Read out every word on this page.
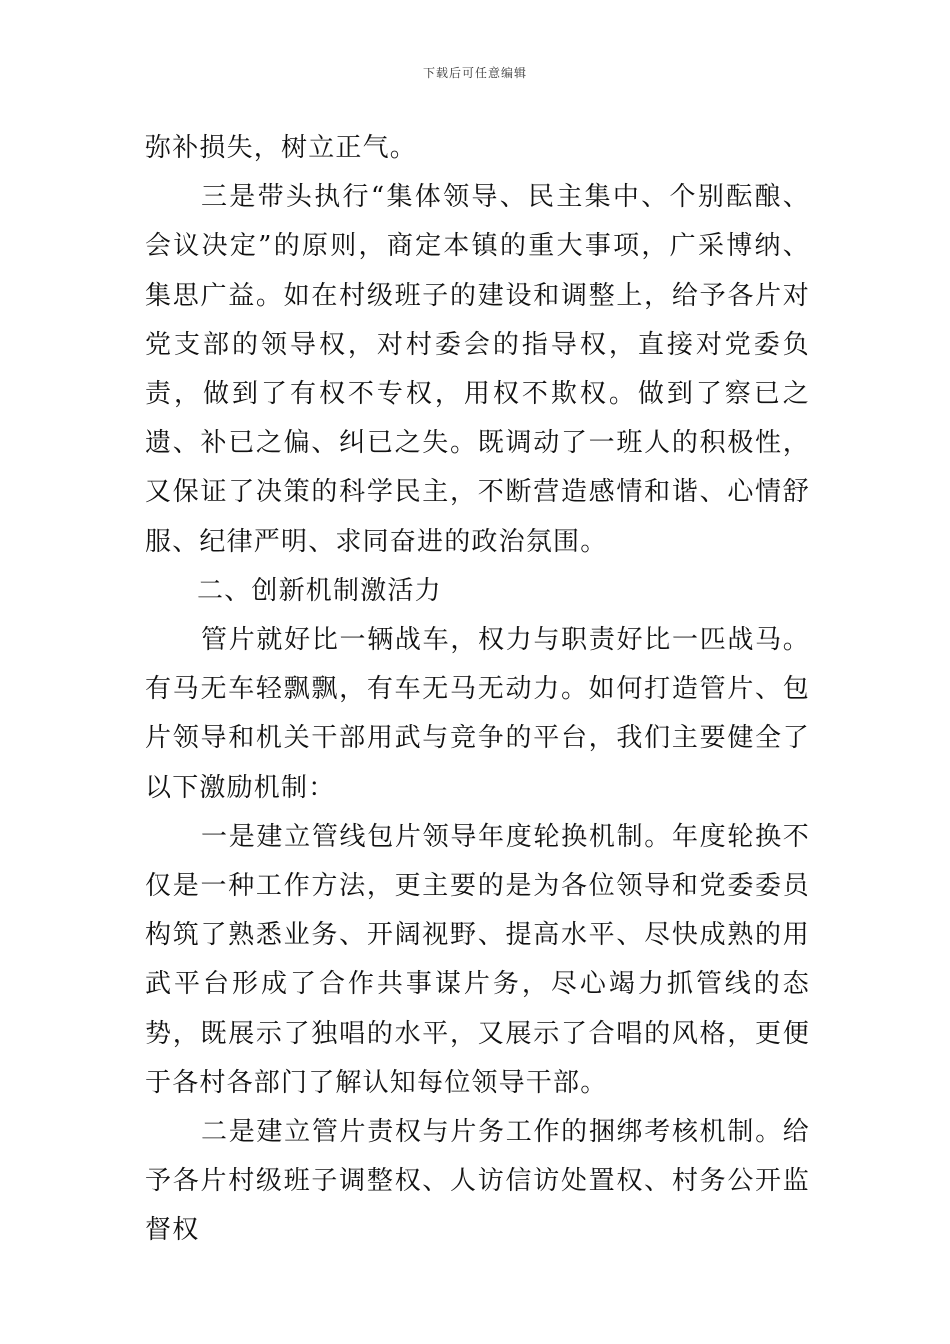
下载后可任意编辑

弥补损失，树立正气。

三是带头执行“集体领导、民主集中、个别酝酿、会议决定”的原则，商定本镇的重大事项，广采博纳、集思广益。如在村级班子的建设和调整上，给予各片对党支部的领导权，对村委会的指导权，直接对党委负责，做到了有权不专权，用权不欺权。做到了察已之遗、补已之偏、纠已之失。既调动了一班人的积极性，又保证了决策的科学民主，不断营造感情和谐、心情舒服、纪律严明、求同奋进的政治氛围。

二、创新机制激活力

管片就好比一辆战车，权力与职责好比一匹战马。有马无车轻飘飘，有车无马无动力。如何打造管片、包片领导和机关干部用武与竞争的平台，我们主要健全了以下激励机制：

一是建立管线包片领导年度轮换机制。年度轮换不仅是一种工作方法，更主要的是为各位领导和党委委员构筑了熟悉业务、开阔视野、提高水平、尽快成熟的用武平台形成了合作共事谋片务，尽心竭力抓管线的态势，既展示了独唱的水平，又展示了合唱的风格，更便于各村各部门了解认知每位领导干部。

二是建立管片责权与片务工作的捆绑考核机制。给予各片村级班子调整权、人访信访处置权、村务公开监督权
